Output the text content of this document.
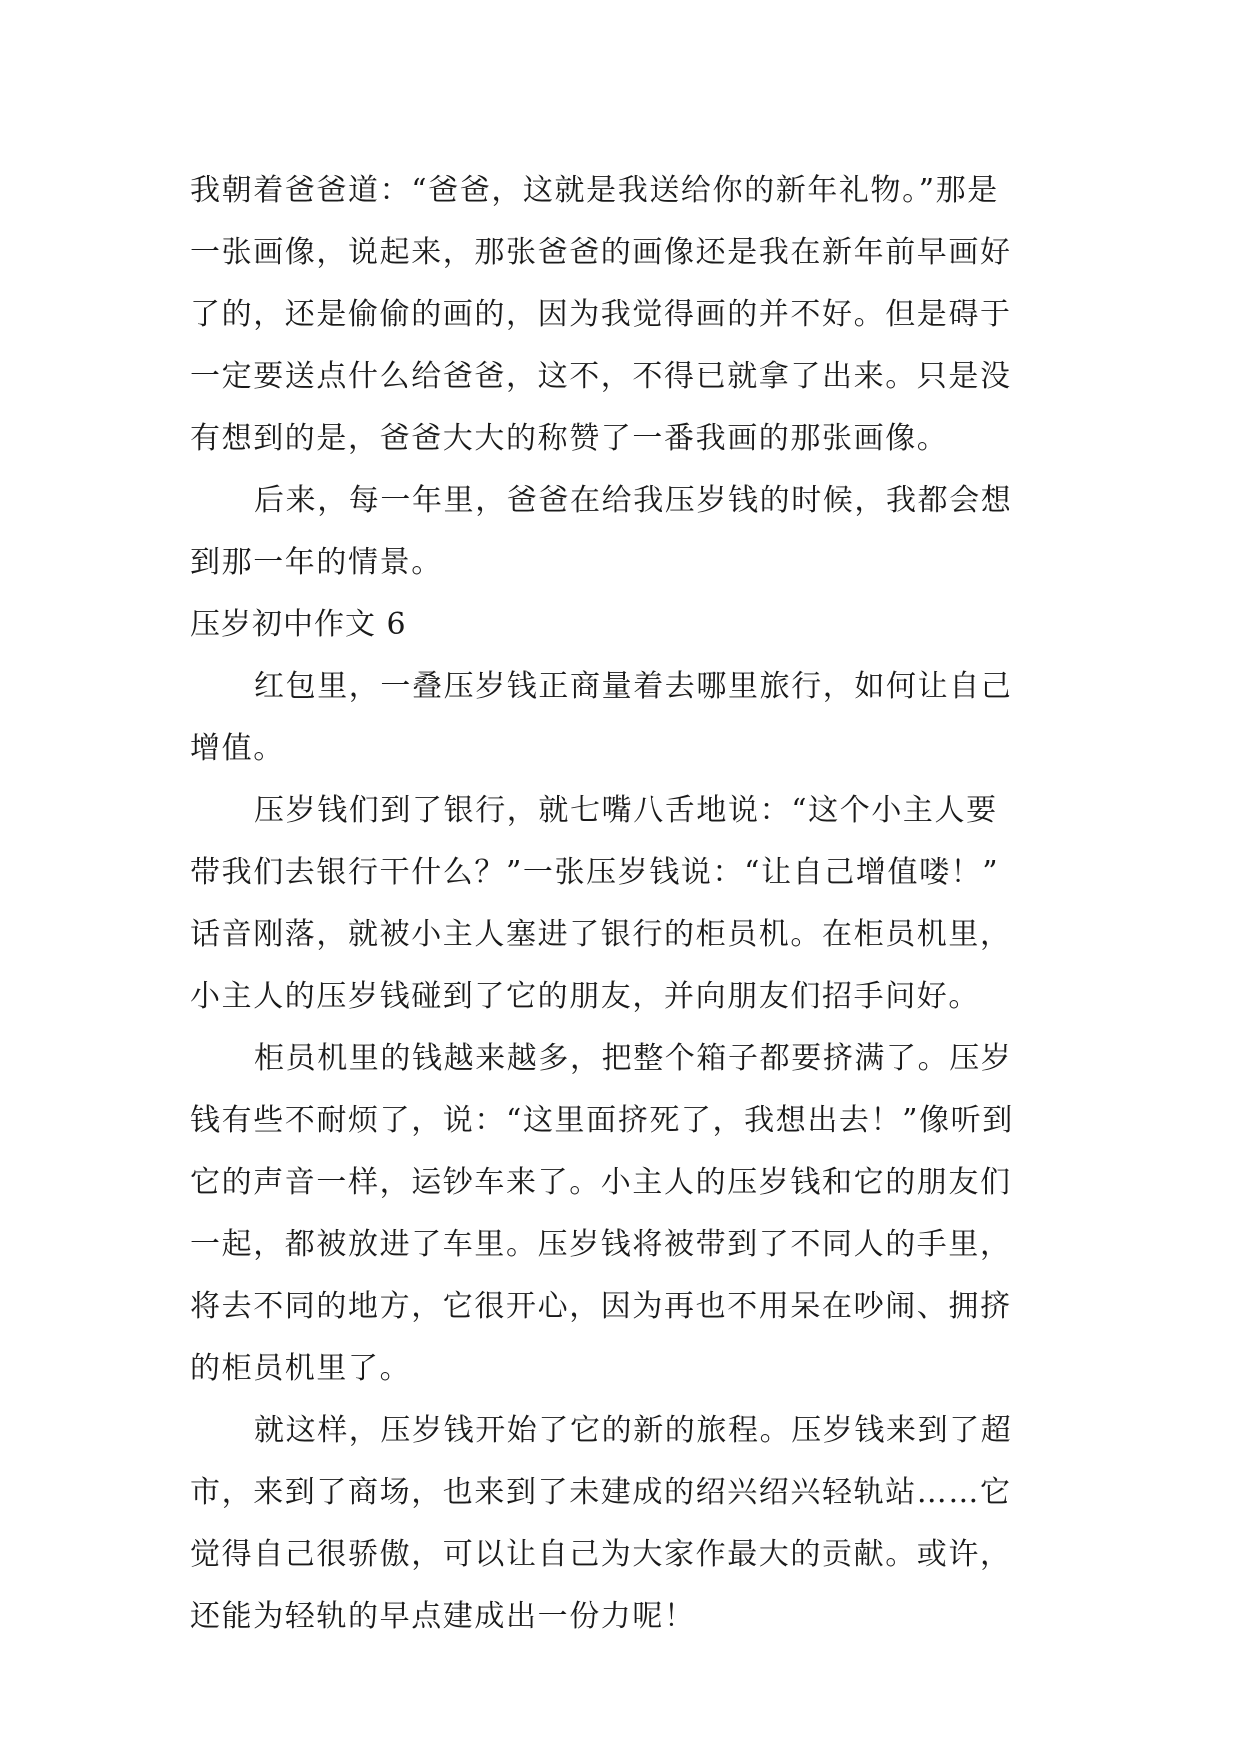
我朝着爸爸道：“爸爸，这就是我送给你的新年礼物。”那是
一张画像，说起来，那张爸爸的画像还是我在新年前早画好
了的，还是偷偷的画的，因为我觉得画的并不好。但是碍于
一定要送点什么给爸爸，这不，不得已就拿了出来。只是没
有想到的是，爸爸大大的称赞了一番我画的那张画像。
后来，每一年里，爸爸在给我压岁钱的时候，我都会想
到那一年的情景。
压岁初中作文 6
红包里，一叠压岁钱正商量着去哪里旅行，如何让自己
增值。
压岁钱们到了银行，就七嘴八舌地说：“这个小主人要
带我们去银行干什么？”一张压岁钱说：“让自己增值喽！”
话音刚落，就被小主人塞进了银行的柜员机。在柜员机里，
小主人的压岁钱碰到了它的朋友，并向朋友们招手问好。
柜员机里的钱越来越多，把整个箱子都要挤满了。压岁
钱有些不耐烦了，说：“这里面挤死了，我想出去！”像听到
它的声音一样，运钞车来了。小主人的压岁钱和它的朋友们
一起，都被放进了车里。压岁钱将被带到了不同人的手里，
将去不同的地方，它很开心，因为再也不用呆在吵闹、拥挤
的柜员机里了。
就这样，压岁钱开始了它的新的旅程。压岁钱来到了超
市，来到了商场，也来到了未建成的绍兴绍兴轻轨站……它
觉得自己很骄傲，可以让自己为大家作最大的贡献。或许，
还能为轻轨的早点建成出一份力呢！
